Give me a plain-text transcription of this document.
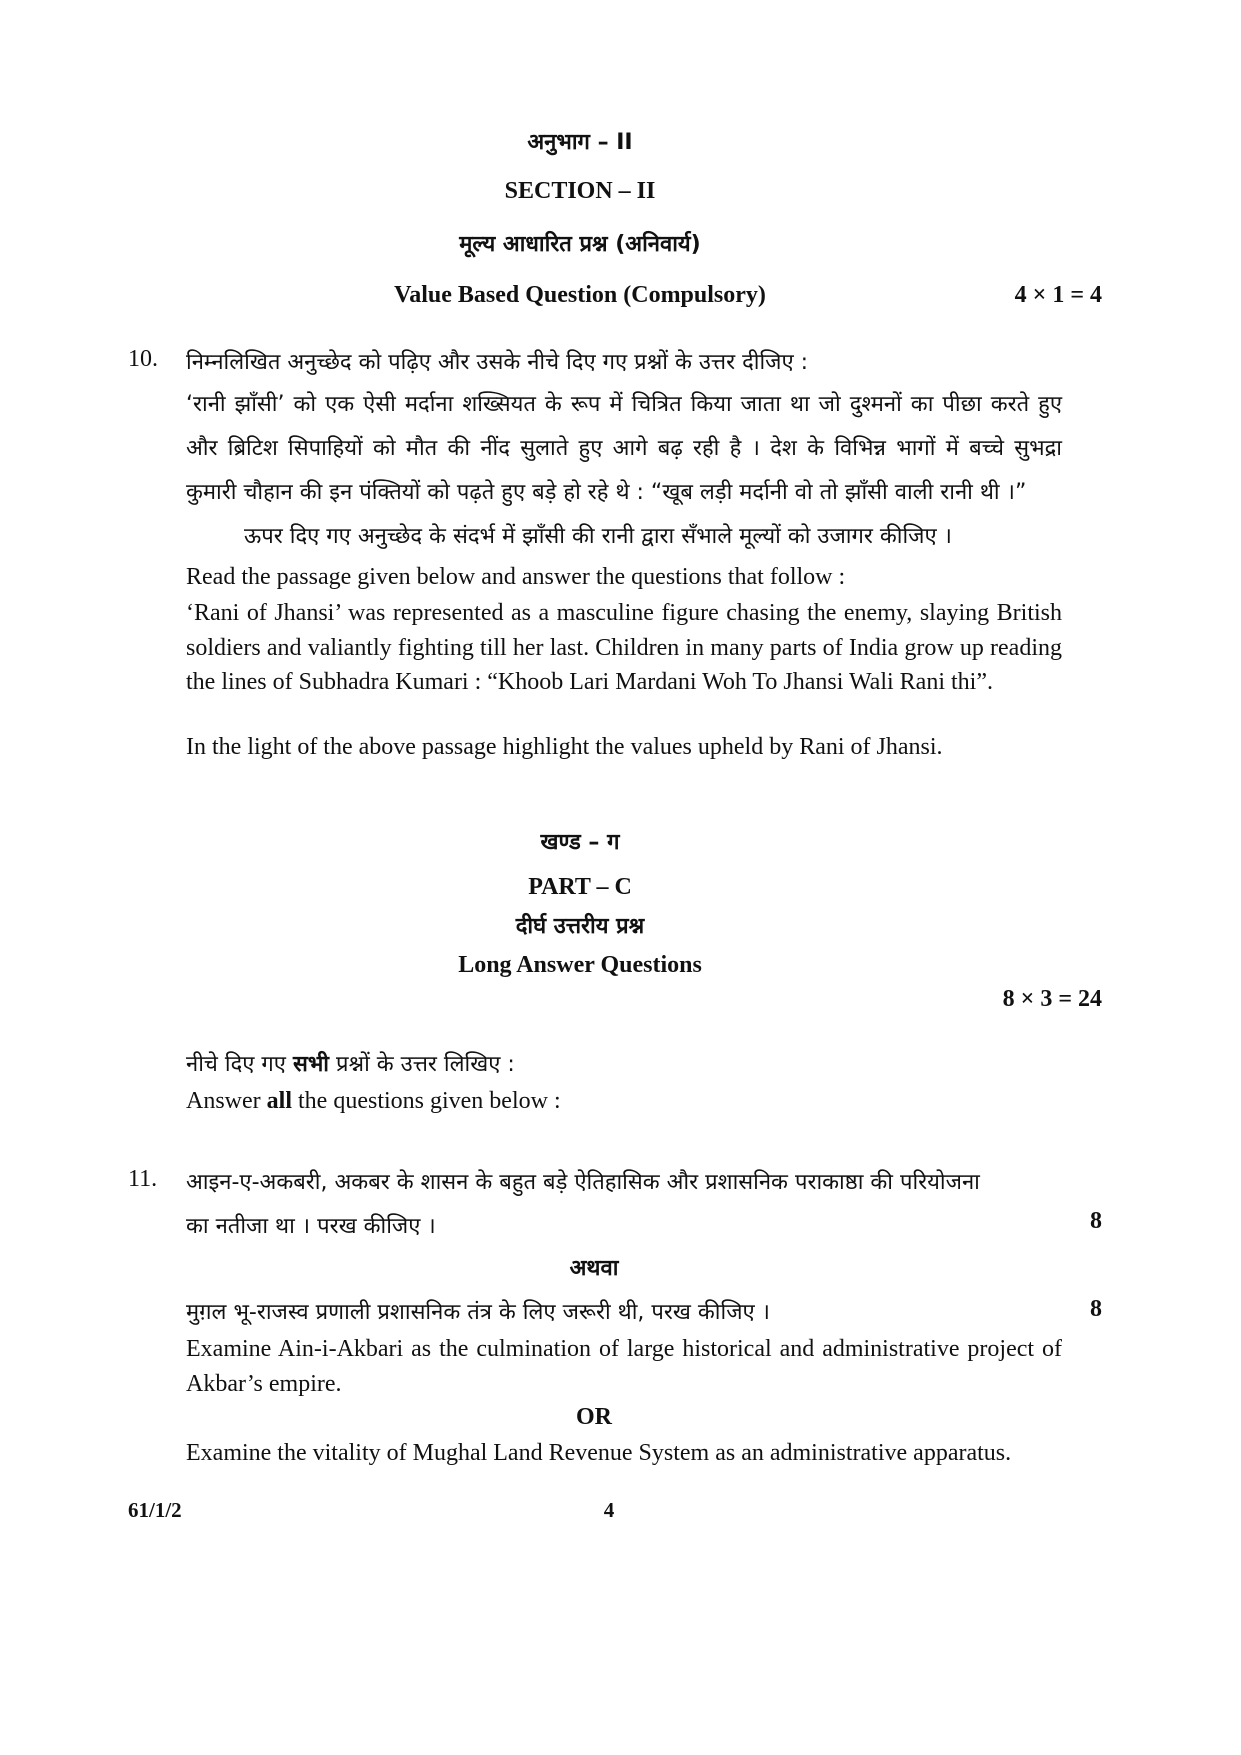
अनुभाग – II
SECTION – II
मूल्य आधारित प्रश्न (अनिवार्य)
Value Based Question (Compulsory)	4 × 1 = 4
10. निम्नलिखित अनुच्छेद को पढ़िए और उसके नीचे दिए गए प्रश्नों के उत्तर दीजिए :
‘रानी झाँसी’ को एक ऐसी मर्दाना शख्सियत के रूप में चित्रित किया जाता था जो दुश्मनों का पीछा करते हुए
और ब्रिटिश सिपाहियों को मौत की नींद सुलाते हुए आगे बढ़ रही है । देश के विभिन्न भागों में बच्चे सुभद्रा
कुमारी चौहान की इन पंक्तियों को पढ़ते हुए बड़े हो रहे थे : “खूब लड़ी मर्दानी वो तो झाँसी वाली रानी थी ।”
ऊपर दिए गए अनुच्छेद के संदर्भ में झाँसी की रानी द्वारा सँभाले मूल्यों को उजागर कीजिए ।
Read the passage given below and answer the questions that follow :
‘Rani of Jhansi’ was represented as a masculine figure chasing the enemy, slaying British soldiers and valiantly fighting till her last. Children in many parts of India grow up reading the lines of Subhadra Kumari : “Khoob Lari Mardani Woh To Jhansi Wali Rani thi”.
In the light of the above passage highlight the values upheld by Rani of Jhansi.
खण्ड – ग
PART – C
दीर्घ उत्तरीय प्रश्न
Long Answer Questions
8 × 3 = 24
नीचे दिए गए सभी प्रश्नों के उत्तर लिखिए :
Answer all the questions given below :
11. आइन-ए-अकबरी, अकबर के शासन के बहुत बड़े ऐतिहासिक और प्रशासनिक पराकाष्ठा की परियोजना
का नतीजा था । परख कीजिए ।	8
अथवा
मुग़ल भू-राजस्व प्रणाली प्रशासनिक तंत्र के लिए जरूरी थी, परख कीजिए ।	8
Examine Ain-i-Akbari as the culmination of large historical and administrative project of Akbar’s empire.
OR
Examine the vitality of Mughal Land Revenue System as an administrative apparatus.
61/1/2	4
